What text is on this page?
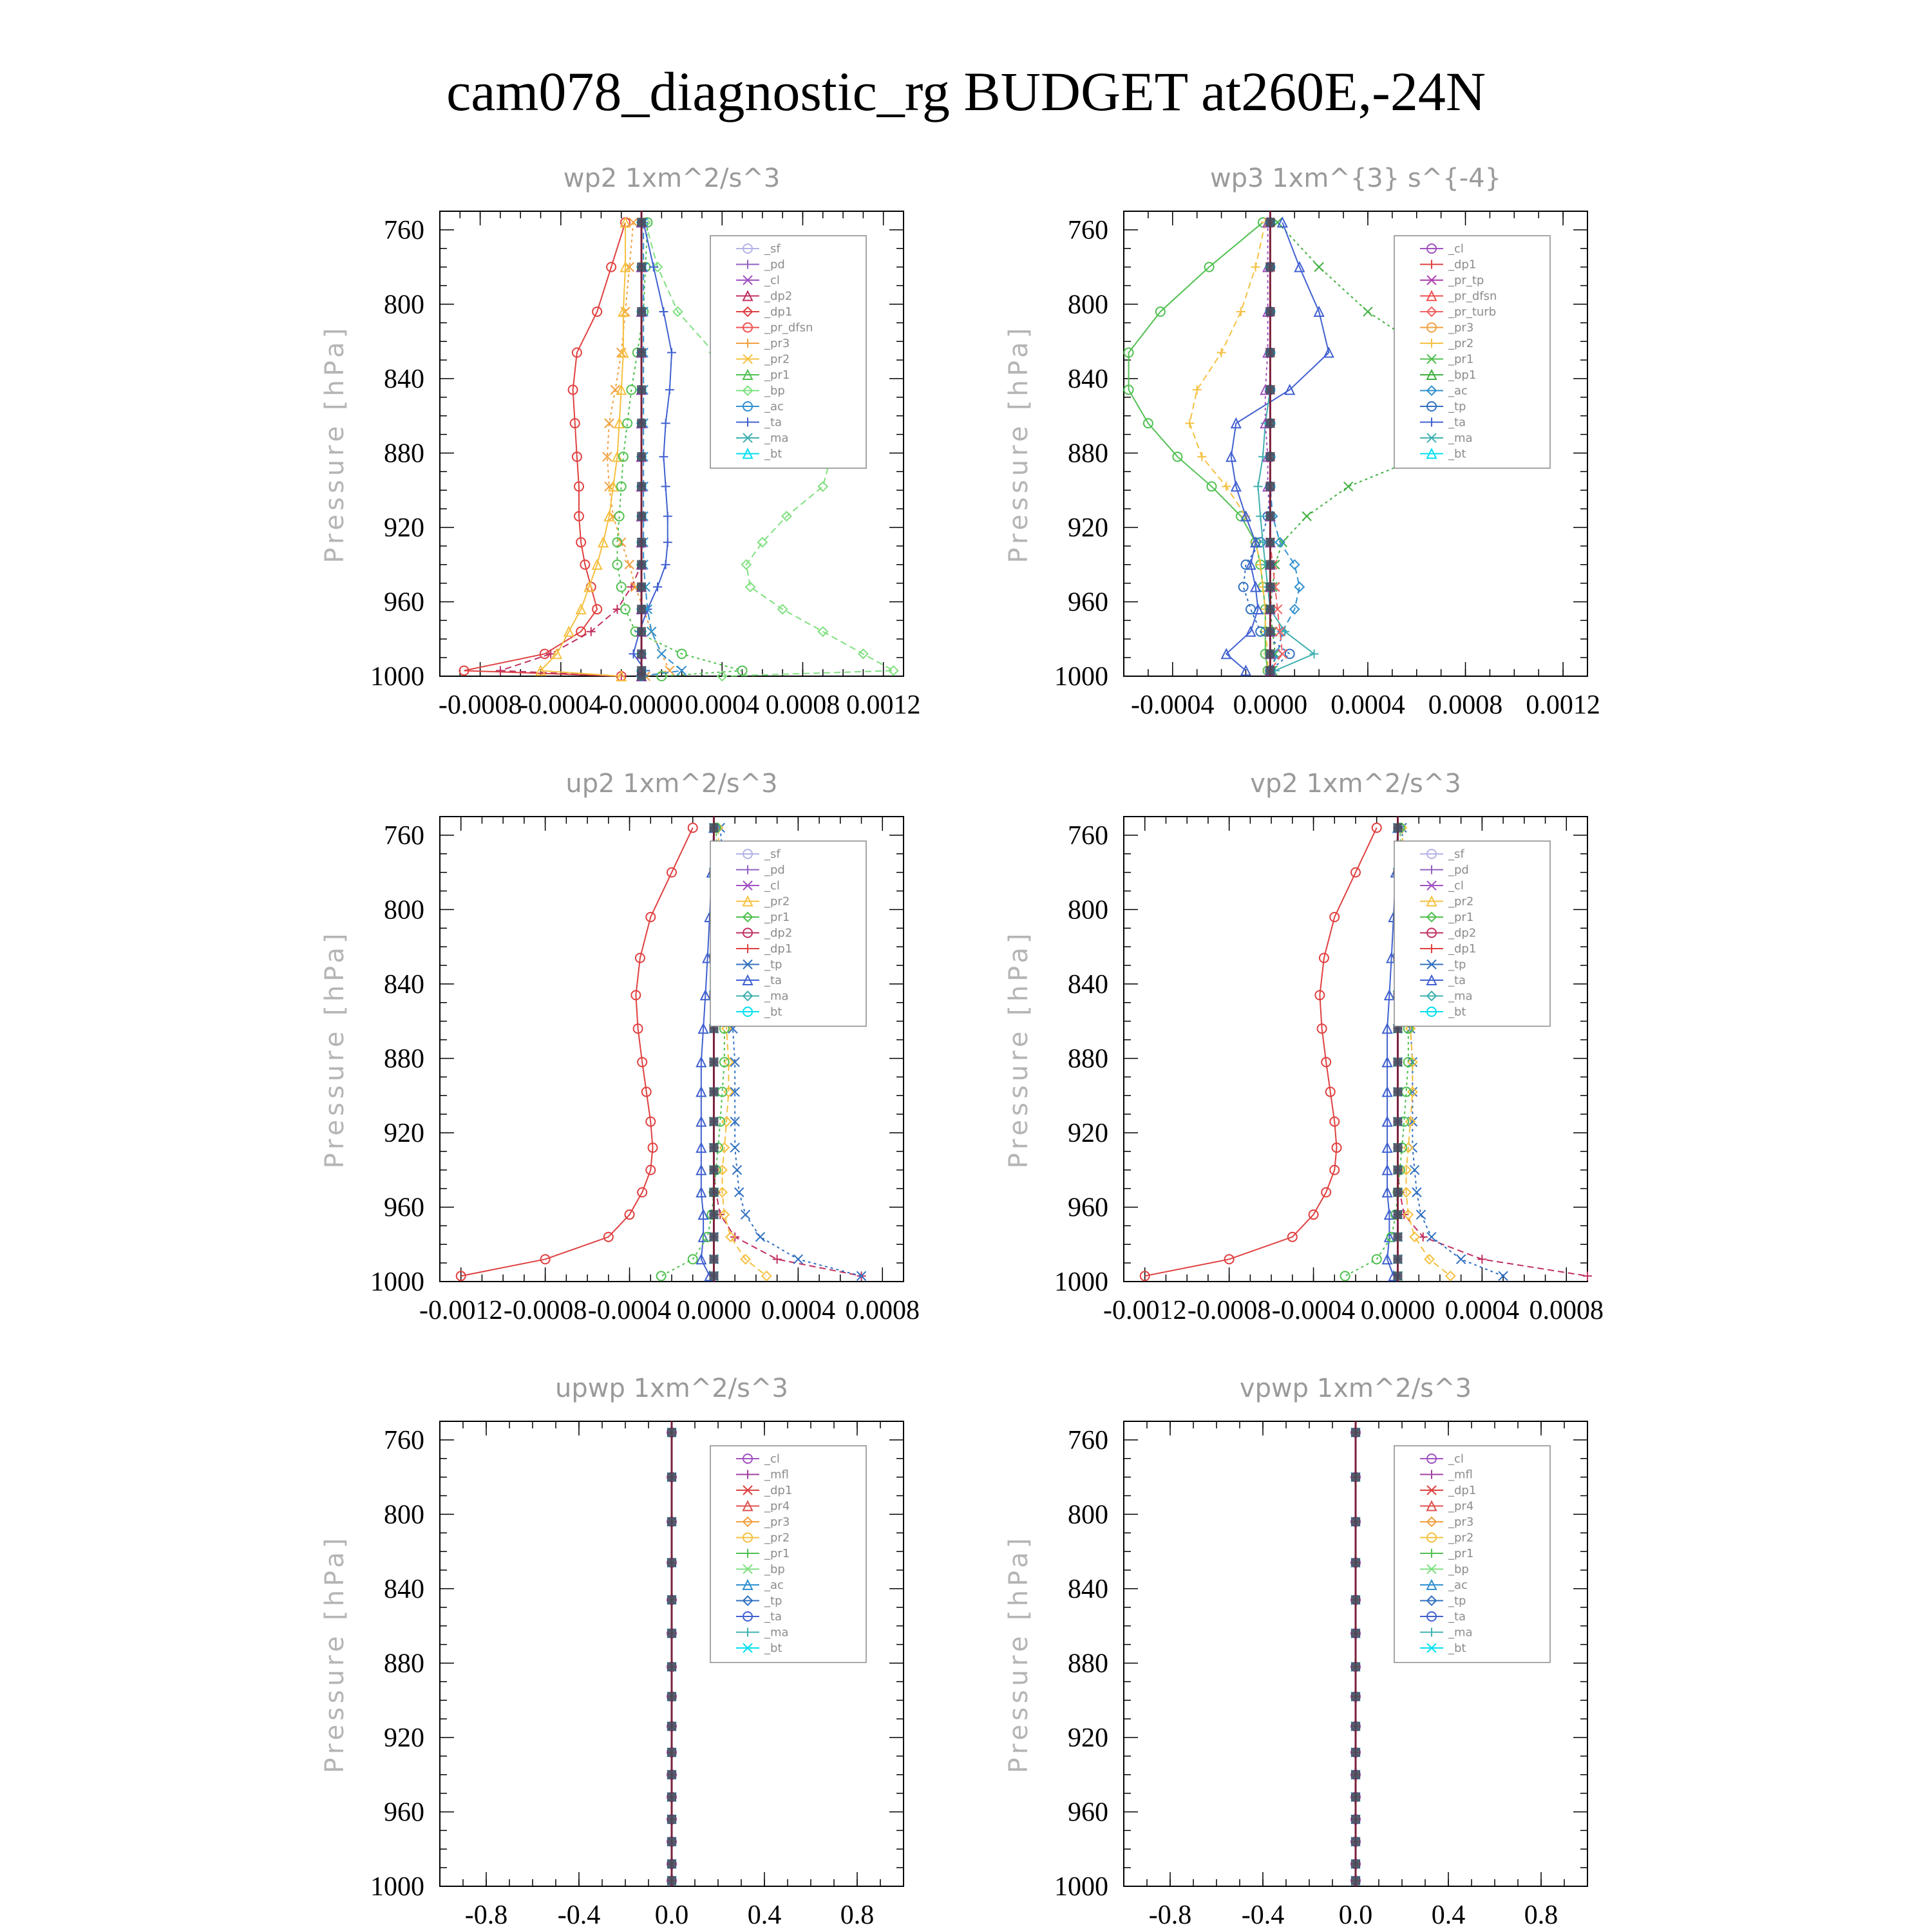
cam078_diagnostic_rg BUDGET at260E,-24N
wp2 1xm^2/s^3
Pressure [hPa]
760
800
840
880
920
960
1000
-0.0008
-0.0004
-0.0000 0.0004 0.0008 0.0012
_sf
_pd
_cl
_dp2
_dp1
_pr_dfsn
_pr3
_pr2
_pr1
_bp
_ac
_ta
_ma
_bt
wp3 1xm^{3} s^{-4}
Pressure [hPa]
760
800
840
880
920
960
1000
-0.0004 0.0000 0.0004 0.0008 0.0012
_cl
_dp1
_pr_tp
_pr_dfsn
_pr_turb
_pr3
_pr2
_pr1
_bp1
_ac
_tp
_ta
_ma
_bt
up2 1xm^2/s^3
Pressure [hPa]
760
800
840
880
920
960
1000
-0.0012 -0.0008 -0.0004 0.0000 0.0004 0.0008
_sf
_pd
_cl
_pr2
_pr1
_dp2
_dp1
_tp
_ta
_ma
_bt
vp2 1xm^2/s^3
Pressure [hPa]
760
800
840
880
920
960
1000
-0.0012 -0.0008 -0.0004 0.0000 0.0004 0.0008
_sf
_pd
_cl
_pr2
_pr1
_dp2
_dp1
_tp
_ta
_ma
_bt
upwp 1xm^2/s^3
Pressure [hPa]
760
800
840
880
920
960
1000
-0.8 -0.4 0.0 0.4 0.8
_cl
_mfl
_dp1
_pr4
_pr3
_pr2
_pr1
_bp
_ac
_tp
_ta
_ma
_bt
vpwp 1xm^2/s^3
Pressure [hPa]
760
800
840
880
920
960
1000
-0.8 -0.4 0.0 0.4 0.8
_cl
_mfl
_dp1
_pr4
_pr3
_pr2
_pr1
_bp
_ac
_tp
_ta
_ma
_bt
